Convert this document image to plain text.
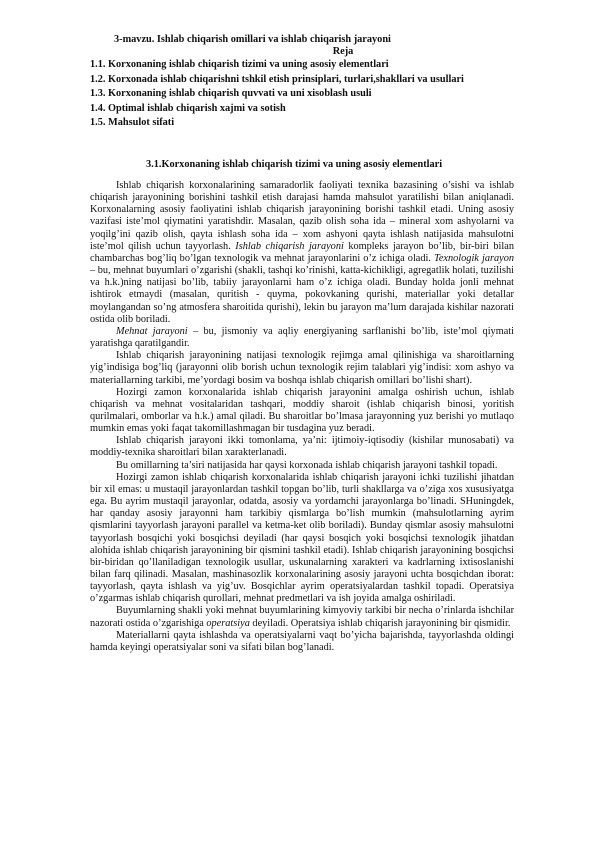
3-mavzu. Ishlab chiqarish omillari va ishlab chiqarish jarayoni
Reja
1.1. Korxonaning ishlab chiqarish tizimi va uning asosiy elementlari
1.2. Korxonada ishlab chiqarishni tshkil etish prinsiplari, turlari,shakllari va usullari
1.3. Korxonaning ishlab chiqarish quvvati va uni xisoblash usuli
1.4. Optimal ishlab chiqarish xajmi va sotish
1.5. Mahsulot sifati
3.1.Korxonaning ishlab chiqarish tizimi va uning asosiy elementlari

Ishlab chiqarish korxonalarining samaradorlik faoliyati texnika bazasining o’sishi va ishlab chiqarish jarayonining borishini tashkil etish darajasi hamda mahsulot yaratilishi bilan aniqlanadi. Korxonalarning asosiy faoliyatini ishlab chiqarish jarayonining borishi tashkil etadi. Uning asosiy vazifasi iste’mol qiymatini yaratishdir. Masalan, qazib olish soha ida – mineral xom ashyolarni va yoqilg’ini qazib olish, qayta ishlash soha ida – xom ashyoni qayta ishlash natijasida mahsulotni iste’mol qilish uchun tayyorlash. Ishlab chiqarish jarayoni kompleks jarayon bo’lib, bir-biri bilan chambarchas bog’liq bo’lgan texnologik va mehnat jarayonlarini o’z ichiga oladi. Texnologik jarayon – bu, mehnat buyumlari o’zgarishi (shakli, tashqi ko’rinishi, katta-kichikligi, agregatlik holati, tuzilishi va h.k.)ning natijasi bo’lib, tabiiy jarayonlarni ham o’z ichiga oladi. Bunday holda jonli mehnat ishtirok etmaydi (masalan, quritish - quyma, pokovkaning qurishi, materiallar yoki detallar moylangandan so’ng atmosfera sharoitida qurishi), lekin bu jarayon ma’lum darajada kishilar nazorati ostida olib boriladi.

Mehnat jarayoni – bu, jismoniy va aqliy energiyaning sarflanishi bo’lib, iste’mol qiymati yaratishga qaratilgandir.

Ishlab chiqarish jarayonining natijasi texnologik rejimga amal qilinishiga va sharoitlarning yig’indisiga bog’liq (jarayonni olib borish uchun texnologik rejim talablari yig’indisi: xom ashyo va materiallarning tarkibi, me’yordagi bosim va boshqa ishlab chiqarish omillari bo’lishi shart).

Hozirgi zamon korxonalarida ishlab chiqarish jarayonini amalga oshirish uchun, ishlab chiqarish va mehnat vositalaridan tashqari, moddiy sharoit (ishlab chiqarish binosi, yoritish qurilmalari, omborlar va h.k.) amal qiladi. Bu sharoitlar bo’lmasa jarayonning yuz berishi yo mutlaqo mumkin emas yoki faqat takomillashmagan bir tusdagina yuz beradi.

Ishlab chiqarish jarayoni ikki tomonlama, ya’ni: ijtimoiy-iqtisodiy (kishilar munosabati) va moddiy-texnika sharoitlari bilan xarakterlanadi.

Bu omillarning ta’siri natijasida har qaysi korxonada ishlab chiqarish jarayoni tashkil topadi.

Hozirgi zamon ishlab chiqarish korxonalarida ishlab chiqarish jarayoni ichki tuzilishi jihatdan bir xil emas: u mustaqil jarayonlardan tashkil topgan bo’lib, turli shakllarga va o’ziga xos xususiyatga ega. Bu ayrim mustaqil jarayonlar, odatda, asosiy va yordamchi jarayonlarga bo’linadi. SHuningdek, har qanday asosiy jarayonni ham tarkibiy qismlarga bo’lish mumkin (mahsulotlarning ayrim qismlarini tayyorlash jarayoni parallel va ketma-ket olib boriladi). Bunday qismlar asosiy mahsulotni tayyorlash bosqichi yoki bosqichsi deyiladi (har qaysi bosqich yoki bosqichsi texnologik jihatdan alohida ishlab chiqarish jarayonining bir qismini tashkil etadi). Ishlab chiqarish jarayonining bosqichsi bir-biridan qo’llaniladigan texnologik usullar, uskunalarning xarakteri va kadrlarning ixtisoslanishi bilan farq qilinadi. Masalan, mashinasozlik korxonalarining asosiy jarayoni uchta bosqichdan iborat: tayyorlash, qayta ishlash va yig’uv. Bosqichlar ayrim operatsiyalardan tashkil topadi. Operatsiya o’zgarmas ishlab chiqarish qurollari, mehnat predmetlari va ish joyida amalga oshiriladi.

Buyumlarning shakli yoki mehnat buyumlarining kimyoviy tarkibi bir necha o’rinlarda ishchilar nazorati ostida o’zgarishiga operatsiya deyiladi. Operatsiya ishlab chiqarish jarayonining bir qismidir.

Materiallarni qayta ishlashda va operatsiyalarni vaqt bo’yicha bajarishda, tayyorlashda oldingi hamda keyingi operatsiyalar soni va sifati bilan bog’lanadi.
